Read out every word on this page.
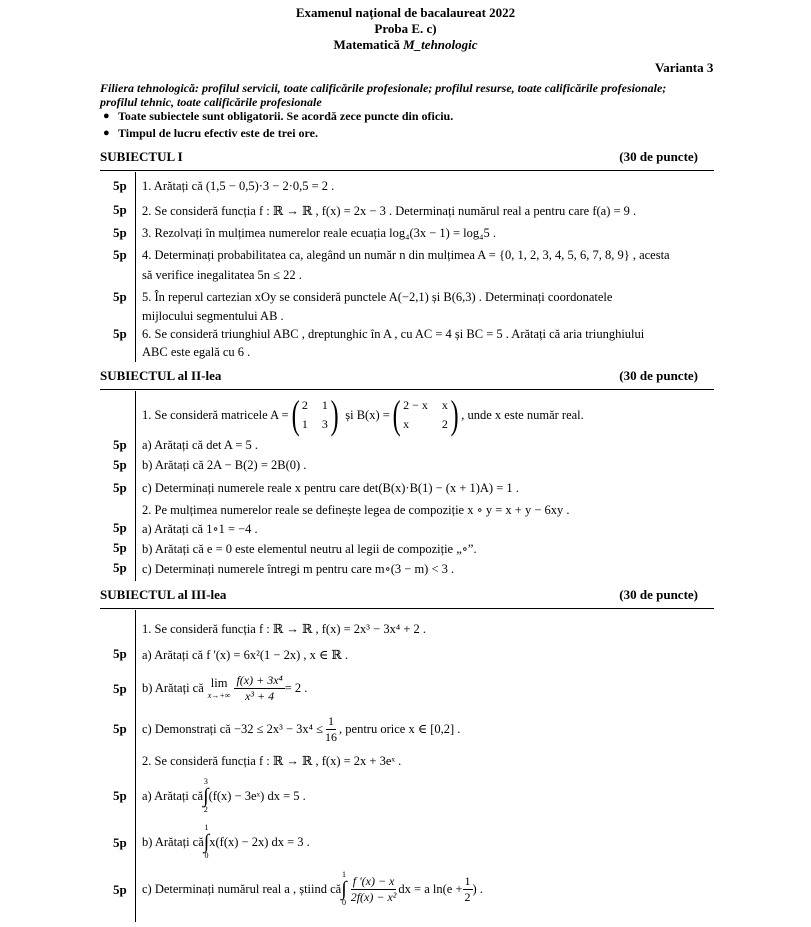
Examenul național de bacalaureat 2022
Proba E. c)
Matematică M_tehnologic
Varianta 3
Filiera tehnologică: profilul servicii, toate calificările profesionale; profilul resurse, toate calificările profesionale;
profilul tehnic, toate calificările profesionale
● Toate subiectele sunt obligatorii. Se acordă zece puncte din oficiu.
● Timpul de lucru efectiv este de trei ore.
SUBIECTUL I	(30 de puncte)
5p 1. Arătați că (1,5 − 0,5)·3 − 2·0,5 = 2 .
5p 2. Se consideră funcția f : ℝ → ℝ , f(x) = 2x − 3 . Determinați numărul real a pentru care f(a) = 9 .
5p 3. Rezolvați în mulțimea numerelor reale ecuația log₄(3x − 1) = log₄5 .
5p 4. Determinați probabilitatea ca, alegând un număr n din mulțimea A = {0, 1, 2, 3, 4, 5, 6, 7, 8, 9} , acesta
să verifice inegalitatea 5n ≤ 22 .
5p 5. În reperul cartezian xOy se consideră punctele A(−2,1) și B(6,3) . Determinați coordonatele
mijlocului segmentului AB .
5p 6. Se consideră triunghiul ABC , dreptunghic în A , cu AC = 4 și BC = 5 . Arătați că aria triunghiului
ABC este egală cu 6 .
SUBIECTUL al II-lea	(30 de puncte)
1. Se consideră matricele A = ( 2 1
1 3 ) și B(x) = ( 2 − x x
x	2 ) , unde x este număr real.
5p a) Arătați că det A = 5 .
5p b) Arătați că 2A − B(2) = 2B(0) .
5p c) Determinați numerele reale x pentru care det(B(x)·B(1) − (x + 1)A) = 1 .
2. Pe mulțimea numerelor reale se definește legea de compoziție x ∘ y = x + y − 6xy .
5p a) Arătați că 1∘1 = −4 .
5p b) Arătați că e = 0 este elementul neutru al legii de compoziție „∘”.
5p c) Determinați numerele întregi m pentru care m∘(3 − m) < 3 .
SUBIECTUL al III-lea	(30 de puncte)
1. Se consideră funcția f : ℝ → ℝ , f(x) = 2x³ − 3x⁴ + 2 .
5p a) Arătați că f '(x) = 6x²(1 − 2x) , x ∈ ℝ .
5p b) Arătați că lim
$x\to+\infty \frac{\text{f(x) + 3x⁴}}{\text{x³ + 4}} = 2$ .
5p c) Demonstrați că $-32 \le 2x^3 - 3x^4 \le \frac{1}{16}$ , pentru orice x ∈ [0,2] .
2. Se consideră funcția f : ℝ → ℝ , f(x) = 2x + 3eˣ .
5p a) Arătați că
3
∫
2
(f(x) − 3eˣ) dx = 5 .
5p b) Arătați că
1
∫
0
x(f(x) − 2x) dx = 3 .
5p c) Determinați numărul real a , știind că
1
∫
$0 \frac{f '(x) - x}{\text{2f(x) − x²}}$ dx = a $\ln(e + \frac{1}{2}$ ) .
